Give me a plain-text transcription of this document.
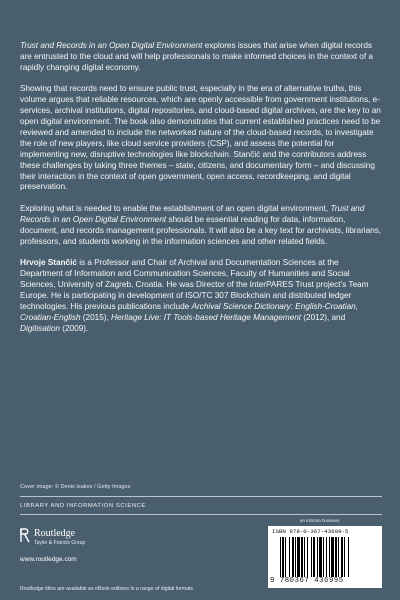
Trust and Records in an Open Digital Environment explores issues that arise when digital records are entrusted to the cloud and will help professionals to make informed choices in the context of a rapidly changing digital economy.

Showing that records need to ensure public trust, especially in the era of alternative truths, this volume argues that reliable resources, which are openly accessible from government institutions, e-services, archival institutions, digital repositories, and cloud-based digital archives, are the key to an open digital environment. The book also demonstrates that current established practices need to be reviewed and amended to include the networked nature of the cloud-based records, to investigate the role of new players, like cloud service providers (CSP), and assess the potential for implementing new, disruptive technologies like blockchain. Stančić and the contributors address these challenges by taking three themes – state, citizens, and documentary form – and discussing their interaction in the context of open government, open access, recordkeeping, and digital preservation.

Exploring what is needed to enable the establishment of an open digital environment, Trust and Records in an Open Digital Environment should be essential reading for data, information, document, and records management professionals. It will also be a key text for archivists, librarians, professors, and students working in the information sciences and other related fields.

Hrvoje Stančić is a Professor and Chair of Archival and Documentation Sciences at the Department of Information and Communication Sciences, Faculty of Humanities and Social Sciences, University of Zagreb, Croatia. He was Director of the InterPARES Trust project’s Team Europe. He is participating in development of ISO/TC 307 Blockchain and distributed ledger technologies. His previous publications include Archival Science Dictionary: English-Croatian, Croatian-English (2015), Heritage Live: IT Tools-based Heritage Management (2012), and Digitisation (2009).

Cover image: © Denis Isakov / Getty Images
LIBRARY AND INFORMATION SCIENCE
an informa business
Routledge
Taylor & Francis Group
www.routledge.com
ISBN 978-0-367-43699-5
9 780367 436995
Routledge titles are available as eBook editions in a range of digital formats
